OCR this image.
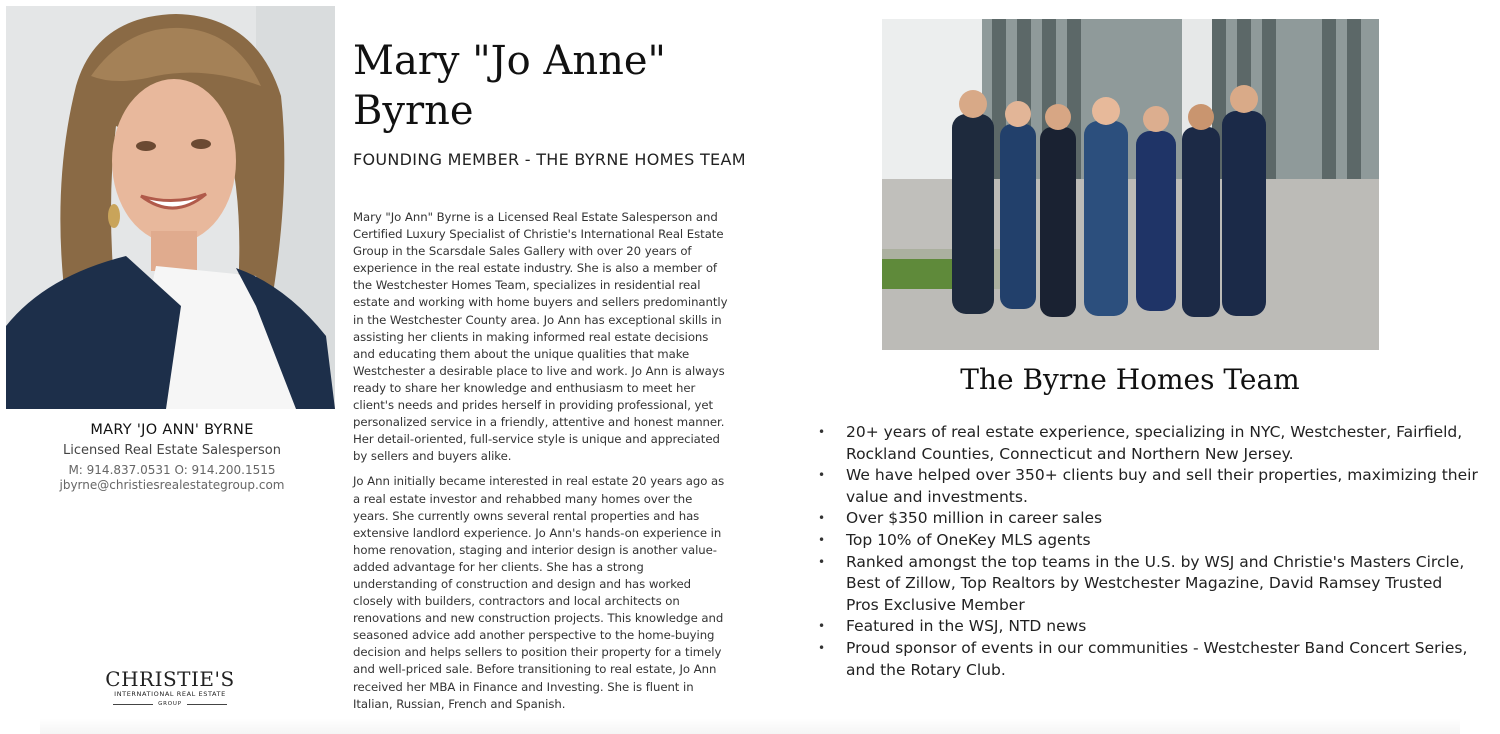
MARY 'JO ANN' BYRNE
Licensed Real Estate Salesperson
M: 914.837.0531 O: 914.200.1515
jbyrne@christiesrealestategroup.com
CHRISTIE'S
INTERNATIONAL REAL ESTATE
GROUP
Mary "Jo Anne"
Byrne
FOUNDING MEMBER - THE BYRNE HOMES TEAM

Mary "Jo Ann" Byrne is a Licensed Real Estate Salesperson and Certified Luxury Specialist of Christie's International Real Estate Group in the Scarsdale Sales Gallery with over 20 years of experience in the real estate industry. She is also a member of the Westchester Homes Team, specializes in residential real estate and working with home buyers and sellers predominantly in the Westchester County area. Jo Ann has exceptional skills in assisting her clients in making informed real estate decisions and educating them about the unique qualities that make Westchester a desirable place to live and work. Jo Ann is always ready to share her knowledge and enthusiasm to meet her client's needs and prides herself in providing professional, yet personalized service in a friendly, attentive and honest manner. Her detail-oriented, full-service style is unique and appreciated by sellers and buyers alike.

Jo Ann initially became interested in real estate 20 years ago as a real estate investor and rehabbed many homes over the years. She currently owns several rental properties and has extensive landlord experience. Jo Ann's hands-on experience in home renovation, staging and interior design is another value-added advantage for her clients. She has a strong understanding of construction and design and has worked closely with builders, contractors and local architects on renovations and new construction projects. This knowledge and seasoned advice add another perspective to the home-buying decision and helps sellers to position their property for a timely and well-priced sale. Before transitioning to real estate, Jo Ann received her MBA in Finance and Investing. She is fluent in Italian, Russian, French and Spanish.

The Byrne Homes Team
• 20+ years of real estate experience, specializing in NYC, Westchester, Fairfield, Rockland Counties, Connecticut and Northern New Jersey.
• We have helped over 350+ clients buy and sell their properties, maximizing their value and investments.
• Over $350 million in career sales
• Top 10% of OneKey MLS agents
• Ranked amongst the top teams in the U.S. by WSJ and Christie's Masters Circle, Best of Zillow, Top Realtors by Westchester Magazine, David Ramsey Trusted Pros Exclusive Member
• Featured in the WSJ, NTD news
• Proud sponsor of events in our communities - Westchester Band Concert Series, and the Rotary Club.
